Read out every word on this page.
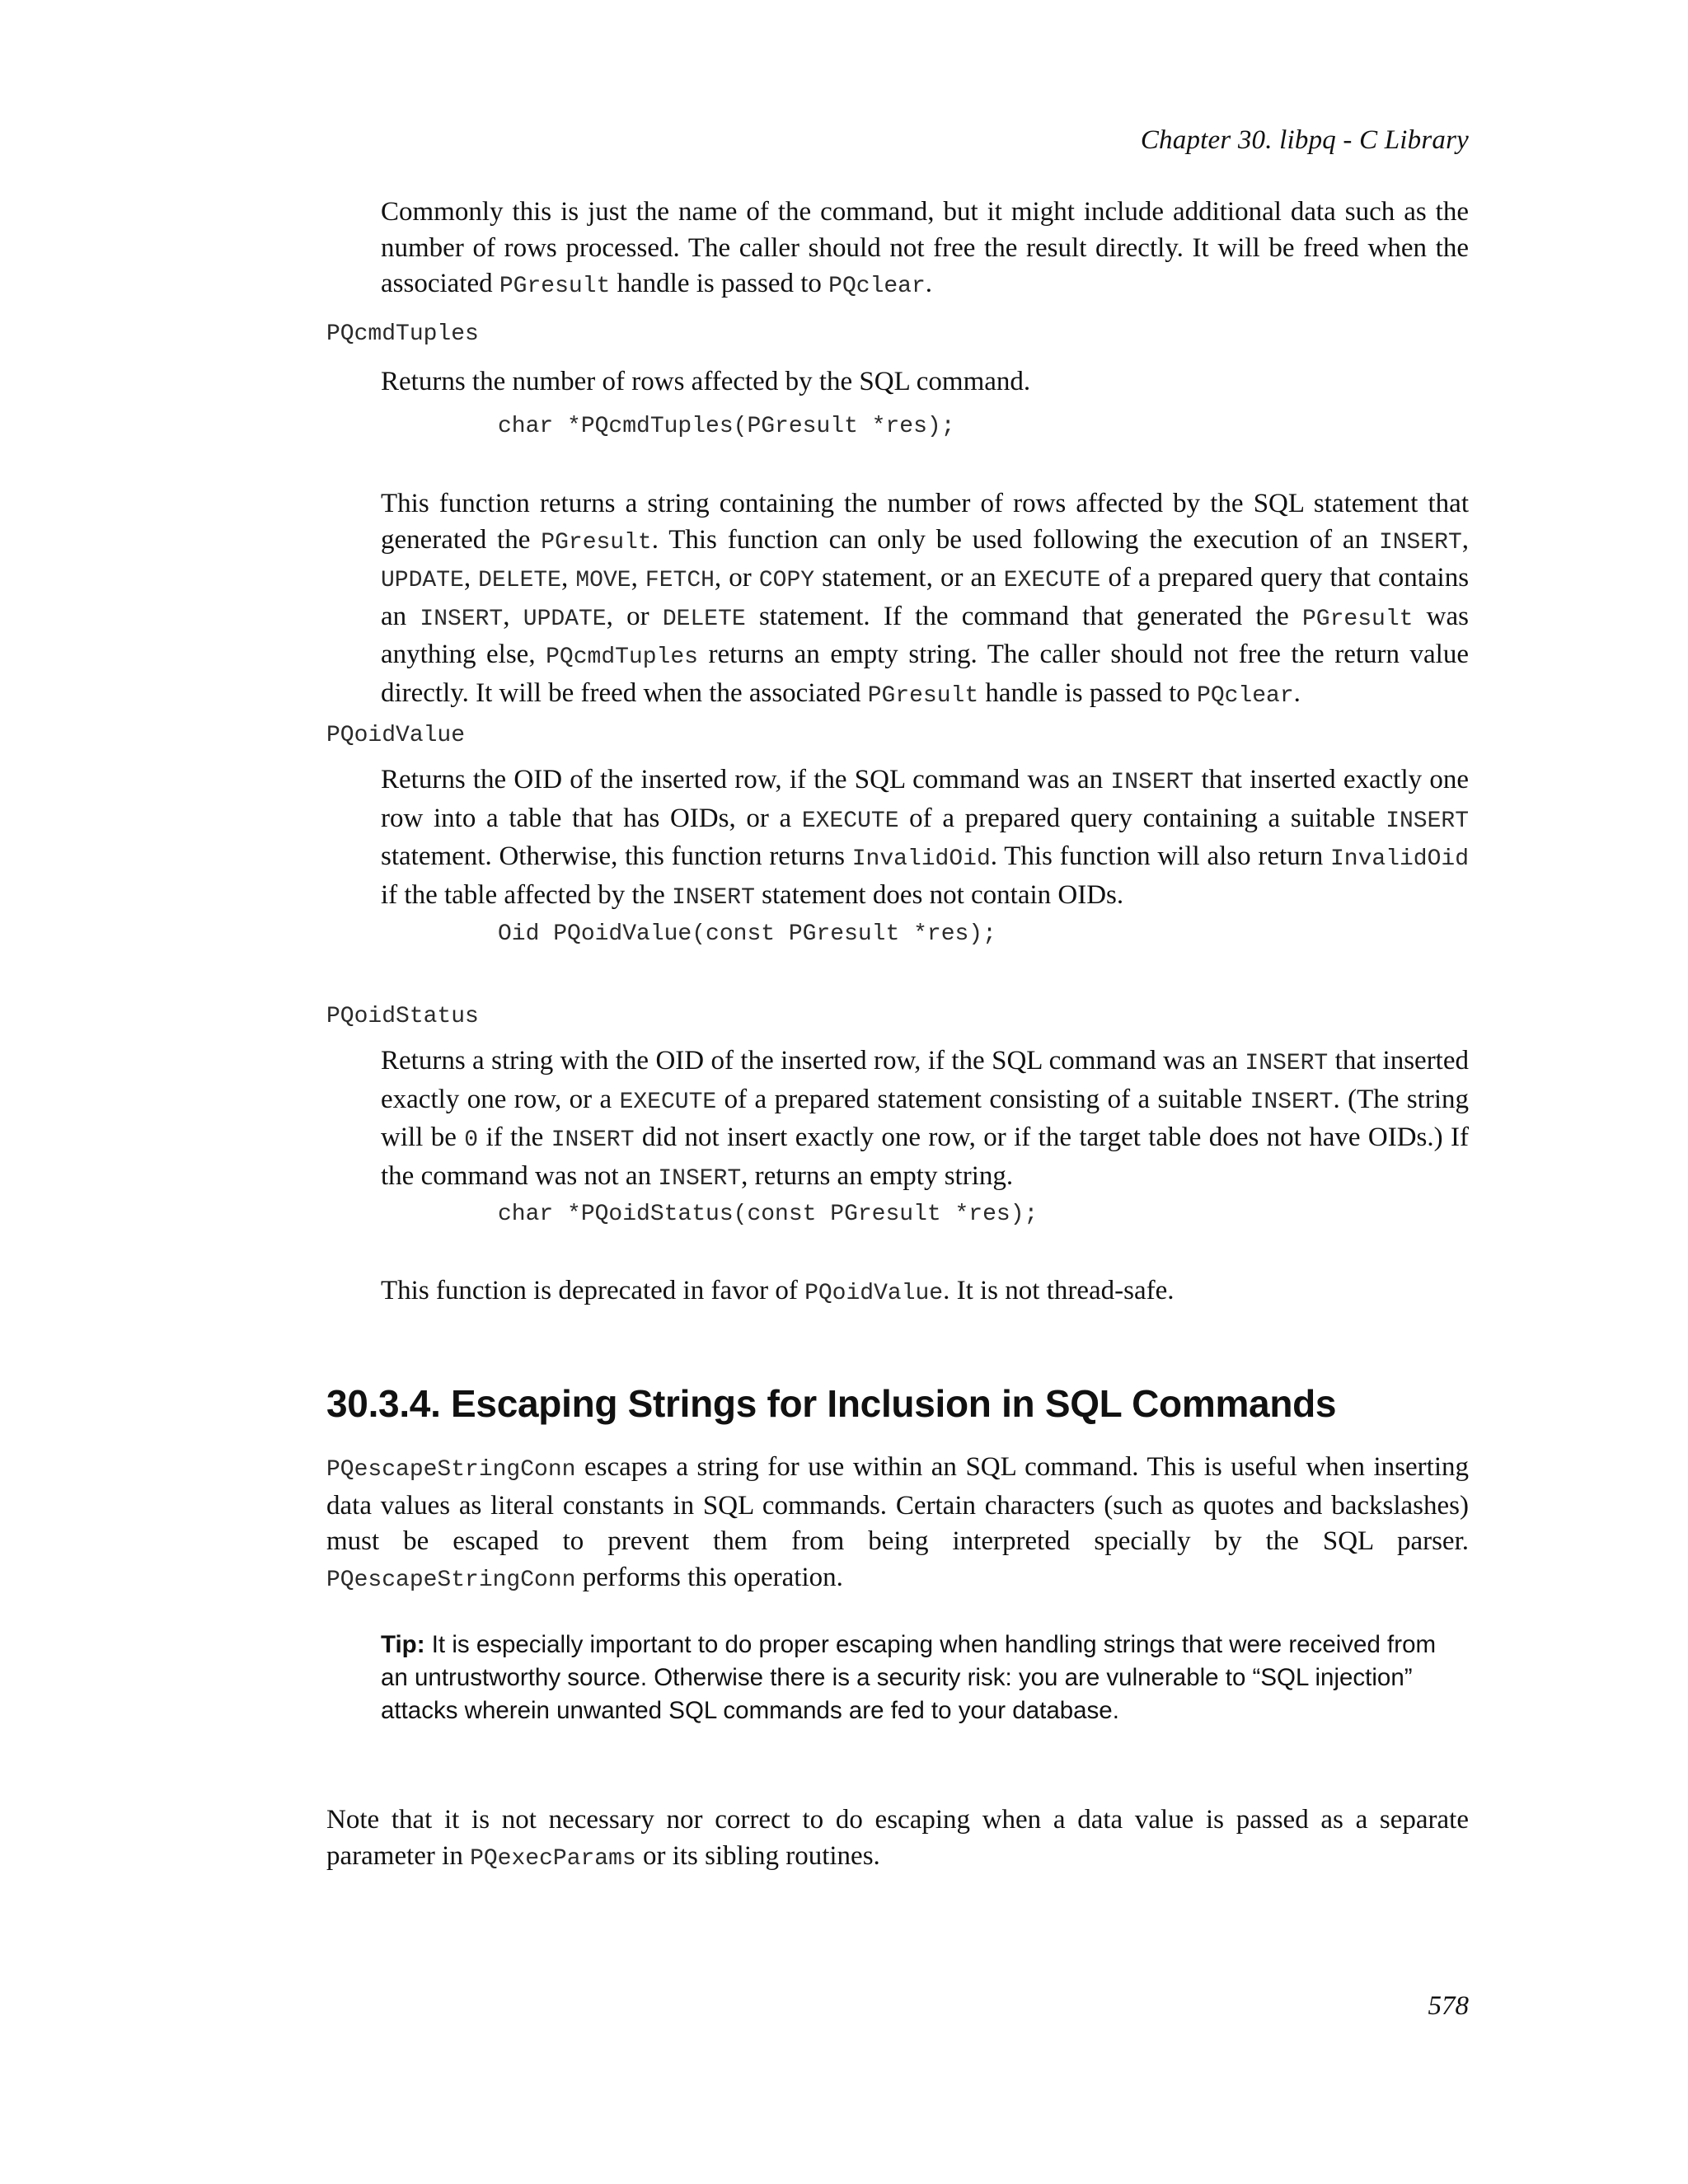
Chapter 30. libpq - C Library

Commonly this is just the name of the command, but it might include additional data such as the number of rows processed. The caller should not free the result directly. It will be freed when the associated PGresult handle is passed to PQclear.

PQcmdTuples

Returns the number of rows affected by the SQL command.

char *PQcmdTuples(PGresult *res);

This function returns a string containing the number of rows affected by the SQL statement that generated the PGresult. This function can only be used following the execution of an INSERT, UPDATE, DELETE, MOVE, FETCH, or COPY statement, or an EXECUTE of a prepared query that contains an INSERT, UPDATE, or DELETE statement. If the command that generated the PGresult was anything else, PQcmdTuples returns an empty string. The caller should not free the return value directly. It will be freed when the associated PGresult handle is passed to PQclear.

PQoidValue

Returns the OID of the inserted row, if the SQL command was an INSERT that inserted exactly one row into a table that has OIDs, or a EXECUTE of a prepared query containing a suitable INSERT statement. Otherwise, this function returns InvalidOid. This function will also return InvalidOid if the table affected by the INSERT statement does not contain OIDs.

Oid PQoidValue(const PGresult *res);
PQoidStatus

Returns a string with the OID of the inserted row, if the SQL command was an INSERT that inserted exactly one row, or a EXECUTE of a prepared statement consisting of a suitable INSERT. (The string will be 0 if the INSERT did not insert exactly one row, or if the target table does not have OIDs.) If the command was not an INSERT, returns an empty string.

char *PQoidStatus(const PGresult *res);

This function is deprecated in favor of PQoidValue. It is not thread-safe.

30.3.4. Escaping Strings for Inclusion in SQL Commands

PQescapeStringConn escapes a string for use within an SQL command. This is useful when inserting data values as literal constants in SQL commands. Certain characters (such as quotes and backslashes) must be escaped to prevent them from being interpreted specially by the SQL parser. PQescapeStringConn performs this operation.

Tip: It is especially important to do proper escaping when handling strings that were received from an untrustworthy source. Otherwise there is a security risk: you are vulnerable to “SQL injection” attacks wherein unwanted SQL commands are fed to your database.

Note that it is not necessary nor correct to do escaping when a data value is passed as a separate parameter in PQexecParams or its sibling routines.

578
